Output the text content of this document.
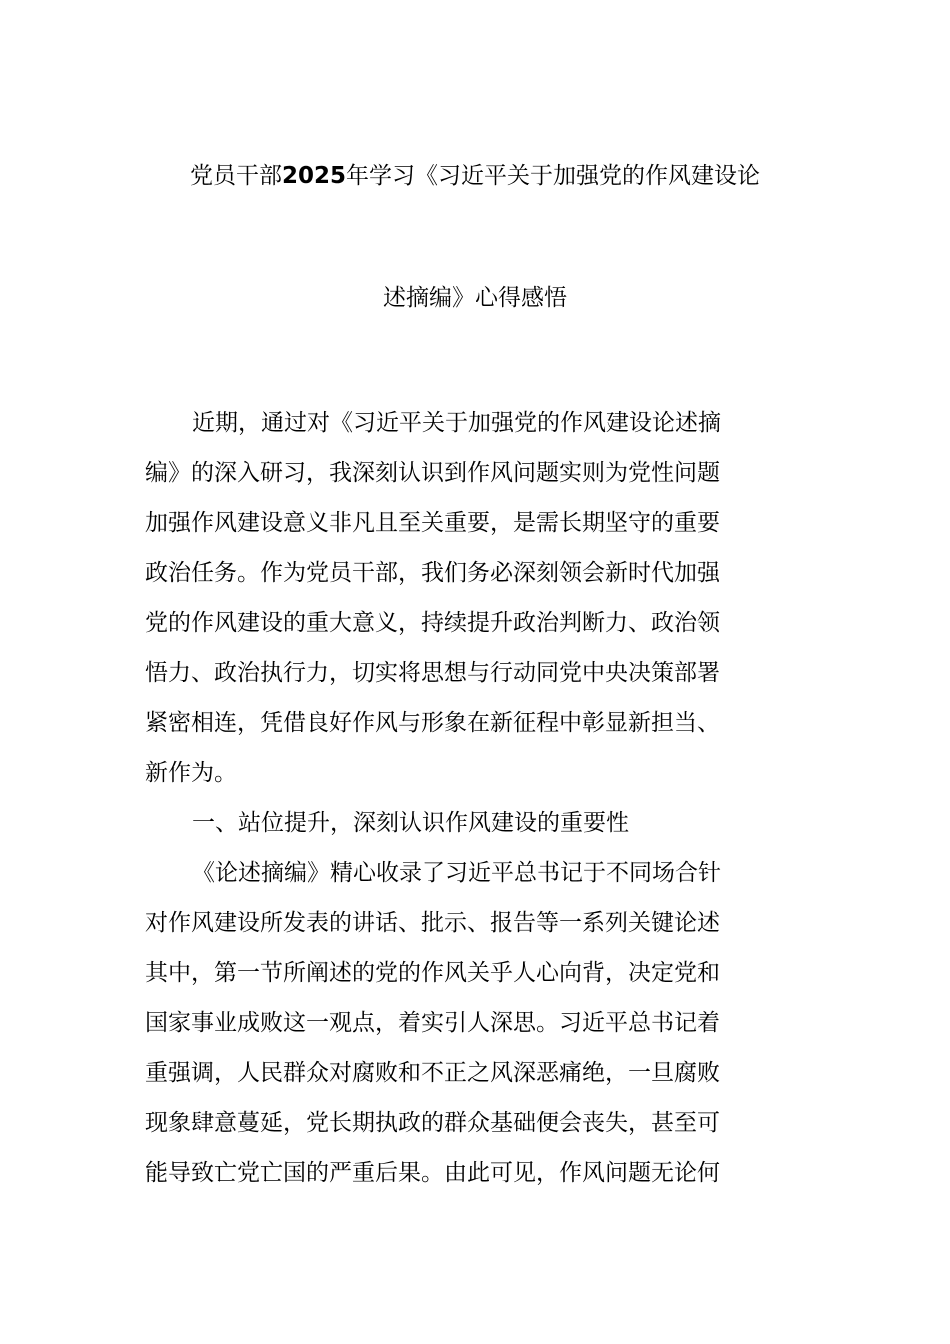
党员干部2025年学习《习近平关于加强党的作风建设论
述摘编》心得感悟
近期，通过对《习近平关于加强党的作风建设论述摘
编》的深入研习，我深刻认识到作风问题实则为党性问题
加强作风建设意义非凡且至关重要，是需长期坚守的重要
政治任务。作为党员干部，我们务必深刻领会新时代加强
党的作风建设的重大意义，持续提升政治判断力、政治领
悟力、政治执行力，切实将思想与行动同党中央决策部署
紧密相连，凭借良好作风与形象在新征程中彰显新担当、
新作为。
一、站位提升，深刻认识作风建设的重要性
《论述摘编》精心收录了习近平总书记于不同场合针
对作风建设所发表的讲话、批示、报告等一系列关键论述
其中，第一节所阐述的党的作风关乎人心向背，决定党和
国家事业成败这一观点，着实引人深思。习近平总书记着
重强调，人民群众对腐败和不正之风深恶痛绝，一旦腐败
现象肆意蔓延，党长期执政的群众基础便会丧失，甚至可
能导致亡党亡国的严重后果。由此可见，作风问题无论何
